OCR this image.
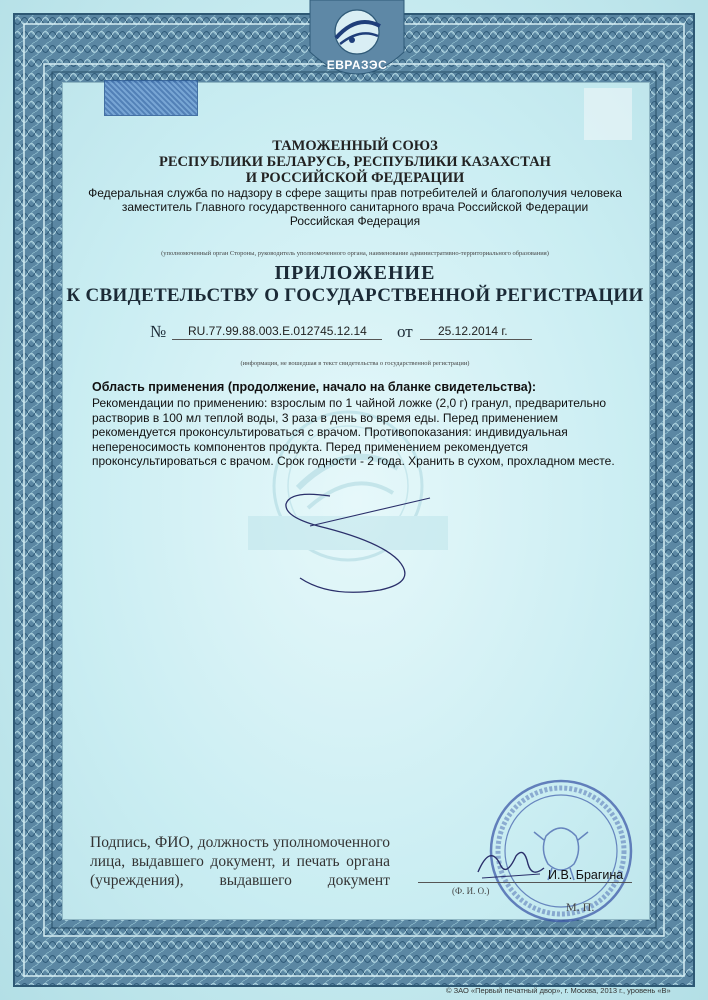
ЕВРАЗЭС
ТАМОЖЕННЫЙ СОЮЗ
РЕСПУБЛИКИ БЕЛАРУСЬ, РЕСПУБЛИКИ КАЗАХСТАН
И РОССИЙСКОЙ ФЕДЕРАЦИИ
Федеральная служба по надзору в сфере защиты прав потребителей и благополучия человека
заместитель Главного государственного санитарного врача Российской Федерации
Российская Федерация
(уполномоченный орган Стороны, руководитель уполномоченного органа, наименование административно-территориального образования)
ПРИЛОЖЕНИЕ
К СВИДЕТЕЛЬСТВУ О ГОСУДАРСТВЕННОЙ РЕГИСТРАЦИИ
№ RU.77.99.88.003.Е.012745.12.14 от 25.12.2014 г.
(информация, не вошедшая в текст свидетельства о государственной регистрации)
Область применения (продолжение, начало на бланке свидетельства):
Рекомендации по применению: взрослым по 1 чайной ложке (2,0 г) гранул, предварительно растворив в 100 мл теплой воды, 3 раза в день во время еды. Перед применением рекомендуется проконсультироваться с врачом. Противопоказания: индивидуальная непереносимость компонентов продукта. Перед применением рекомендуется проконсультироваться с врачом. Срок годности - 2 года. Хранить в сухом, прохладном месте.
Подпись, ФИО, должность уполномоченного лица, выдавшего документ, и печать органа (учреждения), выдавшего документ	И.В. Брагина
(Ф. И. О.)
М. П.
© ЗАО «Первый печатный двор», г. Москва, 2013 г., уровень «В»
